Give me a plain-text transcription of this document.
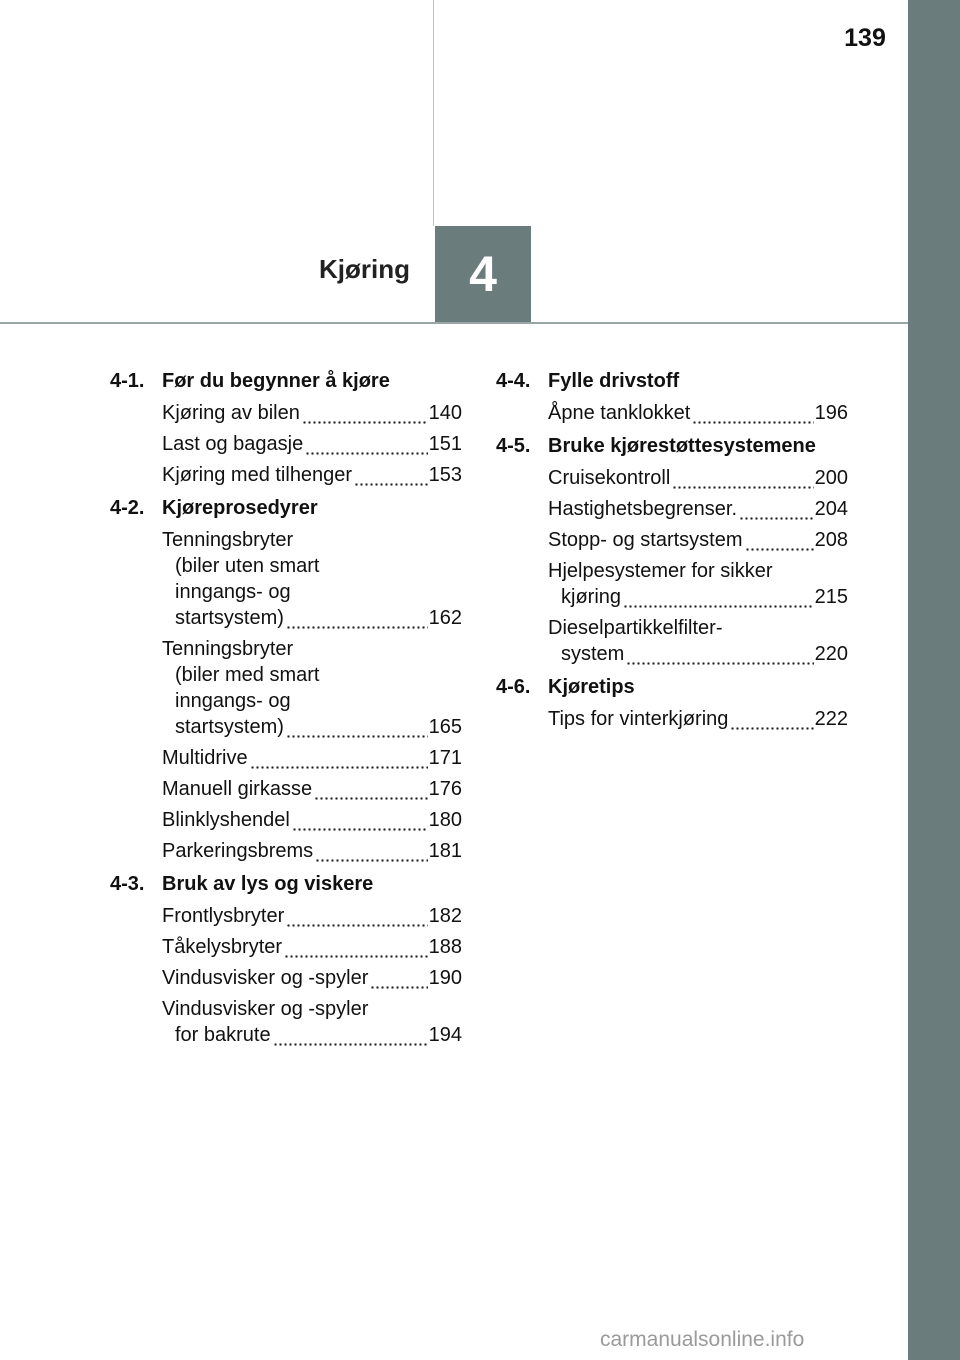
139
Kjøring	4
4-1. Før du begynner å kjøre
Kjøring av bilen	140
Last og bagasje	151
Kjøring med tilhenger	153
4-2. Kjøreprosedyrer
Tenningsbryter
(biler uten smart
inngangs- og
startsystem)	162
Tenningsbryter
(biler med smart
inngangs- og
startsystem)	165
Multidrive	171
Manuell girkasse	176
Blinklyshendel	180
Parkeringsbrems	181
4-3. Bruk av lys og viskere
Frontlysbryter	182
Tåkelysbryter	188
Vindusvisker og -spyler	190
Vindusvisker og -spyler
for bakrute	194
4-4. Fylle drivstoff
Åpne tanklokket	196
4-5. Bruke kjørestøttesystemene
Cruisekontroll	200
Hastighetsbegrenser.	204
Stopp- og startsystem	208
Hjelpesystemer for sikker
kjøring	215
Dieselpartikkelfilter-
system	220
4-6. Kjøretips
Tips for vinterkjøring	222
carmanualsonline.info
